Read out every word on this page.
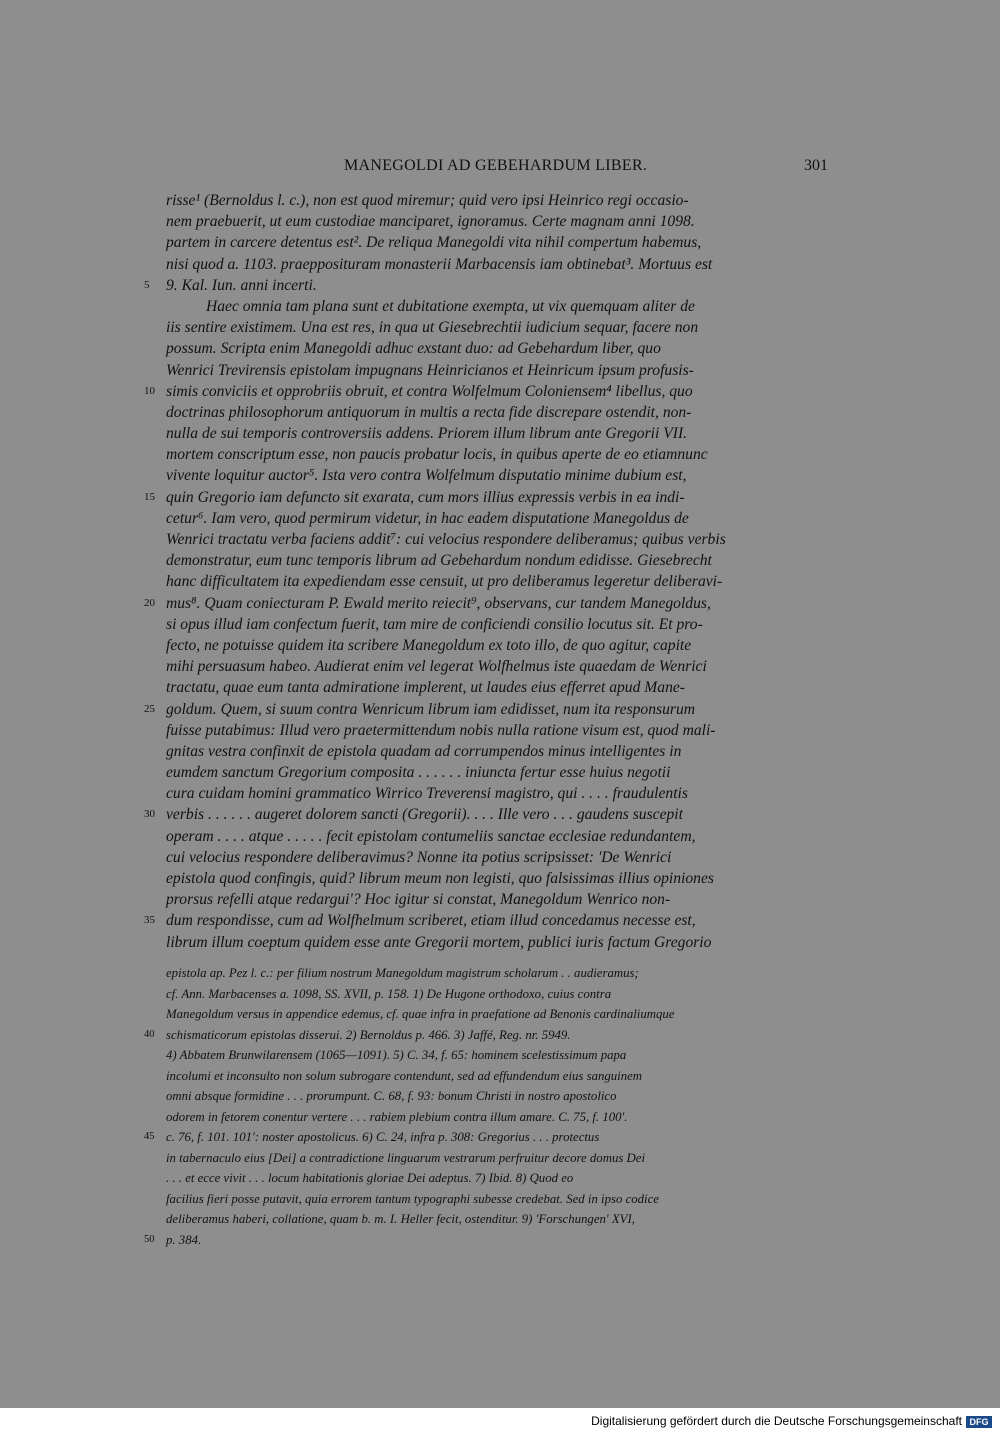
MANEGOLDI AD GEBEHARDUM LIBER.	301
risse¹ (Bernoldus l. c.), non est quod miremur; quid vero ipsi Heinrico regi occasio-
nem praebuerit, ut eum custodiae manciparet, ignoramus. Certe magnam anni 1098.
partem in carcere detentus est². De reliqua Manegoldi vita nihil compertum habemus,
nisi quod a. 1103. praepposituram monasterii Marbacensis iam obtinebat³. Mortuus est
5 9. Kal. Iun. anni incerti.
Haec omnia tam plana sunt et dubitatione exempta, ut vix quemquam aliter de
iis sentire existimem. Una est res, in qua ut Giesebrechtii iudicium sequar, facere non
possum. Scripta enim Manegoldi adhuc exstant duo: ad Gebehardum liber, quo
Wenrici Trevirensis epistolam impugnans Heinricianos et Heinricum ipsum profusis-
10 simis conviciis et opprobriis obruit, et contra Wolfelmum Coloniensem⁴ libellus, quo
doctrinas philosophorum antiquorum in multis a recta fide discrepare ostendit, non-
nulla de sui temporis controversiis addens. Priorem illum librum ante Gregorii VII.
mortem conscriptum esse, non paucis probatur locis, in quibus aperte de eo etiamnunc
vivente loquitur auctor⁵. Ista vero contra Wolfelmum disputatio minime dubium est,
15 quin Gregorio iam defuncto sit exarata, cum mors illius expressis verbis in ea indi-
cetur⁶. Iam vero, quod permirum videtur, in hac eadem disputatione Manegoldus de
Wenrici tractatu verba faciens addit⁷: cui velocius respondere deliberamus; quibus verbis
demonstratur, eum tunc temporis librum ad Gebehardum nondum edidisse. Giesebrecht
hanc difficultatem ita expediendam esse censuit, ut pro deliberamus legeretur deliberavi-
20 mus⁸. Quam coniecturam P. Ewald merito reiecit⁹, observans, cur tandem Manegoldus,
si opus illud iam confectum fuerit, tam mire de conficiendi consilio locutus sit. Et pro-
fecto, ne potuisse quidem ita scribere Manegoldum ex toto illo, de quo agitur, capite
mihi persuasum habeo. Audierat enim vel legerat Wolfhelmus iste quaedam de Wenrici
tractatu, quae eum tanta admiratione implerent, ut laudes eius efferret apud Mane-
25 goldum. Quem, si suum contra Wenricum librum iam edidisset, num ita responsurum
fuisse putabimus: Illud vero praetermittendum nobis nulla ratione visum est, quod mali-
gnitas vestra confinxit de epistola quadam ad corrumpendos minus intelligentes in
eumdem sanctum Gregorium composita . . . . . . iniuncta fertur esse huius negotii
cura cuidam homini grammatico Wirrico Treverensi magistro, qui . . . . fraudulentis
30 verbis . . . . . . augeret dolorem sancti (Gregorii). . . . Ille vero . . . gaudens suscepit
operam . . . . atque . . . . . fecit epistolam contumeliis sanctae ecclesiae redundantem,
cui velocius respondere deliberavimus? Nonne ita potius scripsisset: 'De Wenrici
epistola quod confingis, quid? librum meum non legisti, quo falsissimas illius opiniones
prorsus refelli atque redargui'? Hoc igitur si constat, Manegoldum Wenrico non-
35 dum respondisse, cum ad Wolfhelmum scriberet, etiam illud concedamus necesse est,
librum illum coeptum quidem esse ante Gregorii mortem, publici iuris factum Gregorio
epistola ap. Pez l. c.: per filium nostrum Manegoldum magistrum scholarum . . audieramus;
cf. Ann. Marbacenses a. 1098, SS. XVII, p. 158. 1) De Hugone orthodoxo, cuius contra
Manegoldum versus in appendice edemus, cf. quae infra in praefatione ad Benonis cardinaliumque
40 schismaticorum epistolas disserui. 2) Bernoldus p. 466. 3) Jaffé, Reg. nr. 5949.
4) Abbatem Brunwilarensem (1065—1091). 5) C. 34, f. 65: hominem scelestissimum papa
incolumi et inconsulto non solum subrogare contendunt, sed ad effundendum eius sanguinem
omni absque formidine . . . prorumpunt. C. 68, f. 93: bonum Christi in nostro apostolico
odorem in fetorem conentur vertere . . . rabiem plebium contra illum amare. C. 75, f. 100'.
45 c. 76, f. 101. 101': noster apostolicus. 6) C. 24, infra p. 308: Gregorius . . . protectus
in tabernaculo eius [Dei] a contradictione linguarum vestrarum perfruitur decore domus Dei
. . . et ecce vivit . . . locum habitationis gloriae Dei adeptus. 7) Ibid. 8) Quod eo
facilius fieri posse putavit, quia errorem tantum typographi subesse credebat. Sed in ipso codice
deliberamus haberi, collatione, quam b. m. I. Heller fecit, ostenditur. 9) 'Forschungen' XVI,
50 p. 384.
Digitalisierung gefördert durch die Deutsche Forschungsgemeinschaft DFG
